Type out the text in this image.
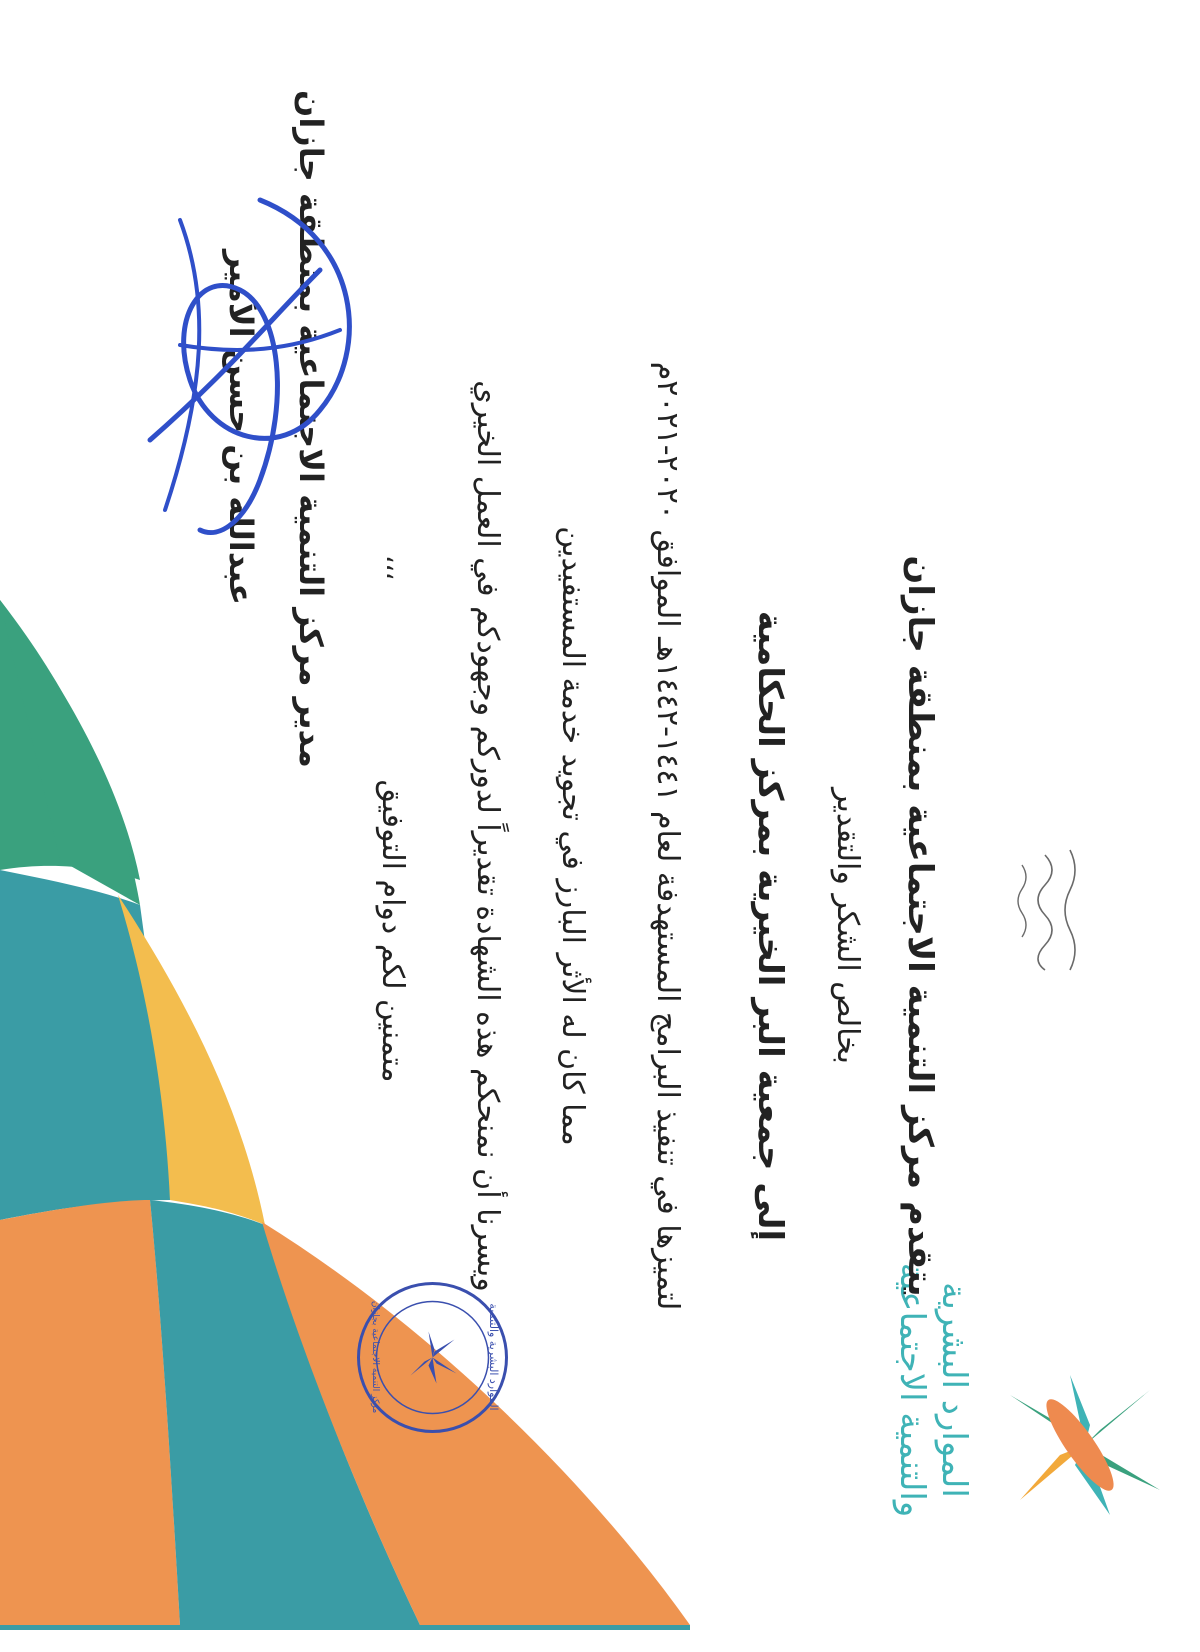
الموارد البشرية
والتنمية الاجتماعية
يتقدم مركز التنمية الاجتماعية بمنطقة جازان
بخالص الشكر والتقدير
إلى جمعية البر الخيرية بمركز الحكامية
لتميزها في تنفيذ البرامج المستهدفة لعام ١٤٤١-١٤٤٢هـ الموافق ٢٠٢٠-٢٠٢١م
مما كان له الأثر البارز في تجويد خدمة المستفيدين
ويسرنا أن نمنحكم هذه الشهادة تقديراً لدوركم وجهودكم في العمل الخيري
متمنين لكم دوام التوفيق
،،،
مدير مركز التنمية الاجتماعية بمنطقة جازان
عبدالله بن حسن الأمير
الموارد البشرية والتنمية
مركز التنمية الاجتماعية بجازان
